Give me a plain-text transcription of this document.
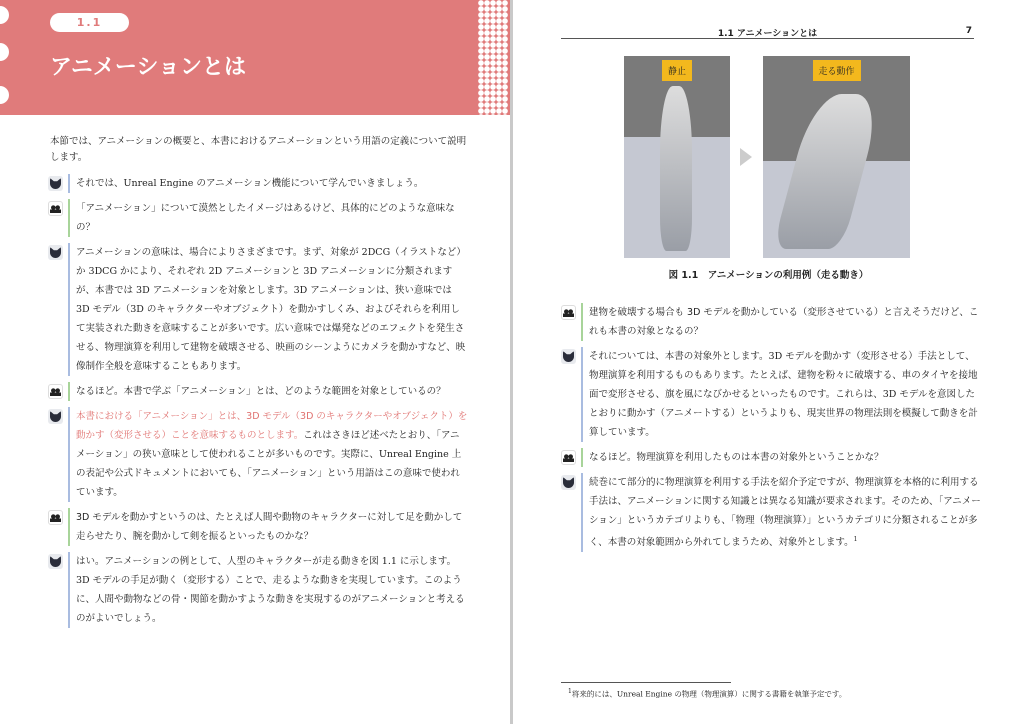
1.1
アニメーションとは
本節では、アニメーションの概要と、本書におけるアニメーションという用語の定義について説明します。
それでは、Unreal Engine のアニメーション機能について学んでいきましょう。
「アニメーション」について漠然としたイメージはあるけど、具体的にどのような意味なの？
アニメーションの意味は、場合によりさまざまです。まず、対象が 2DCG（イラストなど）か 3DCG かにより、それぞれ 2D アニメーションと 3D アニメーションに分類されますが、本書では 3D アニメーションを対象とします。3D アニメーションは、狭い意味では 3D モデル（3D のキャラクターやオブジェクト）を動かすしくみ、およびそれらを利用して実装された動きを意味することが多いです。広い意味では爆発などのエフェクトを発生させる、物理演算を利用して建物を破壊させる、映画のシーンようにカメラを動かすなど、映像制作全般を意味することもあります。
なるほど。本書で学ぶ「アニメーション」とは、どのような範囲を対象としているの？
本書における「アニメーション」とは、3D モデル（3D のキャラクターやオブジェクト）を動かす（変形させる）ことを意味するものとします。これはさきほど述べたとおり、「アニメーション」の狭い意味として使われることが多いものです。実際に、Unreal Engine 上の表記や公式ドキュメントにおいても、「アニメーション」という用語はこの意味で使われています。
3D モデルを動かすというのは、たとえば人間や動物のキャラクターに対して足を動かして走らせたり、腕を動かして剣を振るといったものかな？
はい。アニメーションの例として、人型のキャラクターが走る動きを図 1.1 に示します。3D モデルの手足が動く（変形する）ことで、走るような動きを実現しています。このように、人間や動物などの骨・関節を動かすような動きを実現するのがアニメーションと考えるのがよいでしょう。
1.1 アニメーションとは	7
静止	走る動作
図 1.1　アニメーションの利用例（走る動き）
建物を破壊する場合も 3D モデルを動かしている（変形させている）と言えそうだけど、これも本書の対象となるの？
それについては、本書の対象外とします。3D モデルを動かす（変形させる）手法として、物理演算を利用するものもあります。たとえば、建物を粉々に破壊する、車のタイヤを接地面で変形させる、旗を風になびかせるといったものです。これらは、3D モデルを意図したとおりに動かす（アニメートする）というよりも、現実世界の物理法則を模擬して動きを計算しています。
なるほど。物理演算を利用したものは本書の対象外ということかな？
続巻にて部分的に物理演算を利用する手法を紹介予定ですが、物理演算を本格的に利用する手法は、アニメーションに関する知識とは異なる知識が要求されます。そのため、「アニメーション」というカテゴリよりも、「物理（物理演算）」というカテゴリに分類されることが多く、本書の対象範囲から外れてしまうため、対象外とします。$^1$
$^1$将来的には、Unreal Engine の物理（物理演算）に関する書籍を執筆予定です。
